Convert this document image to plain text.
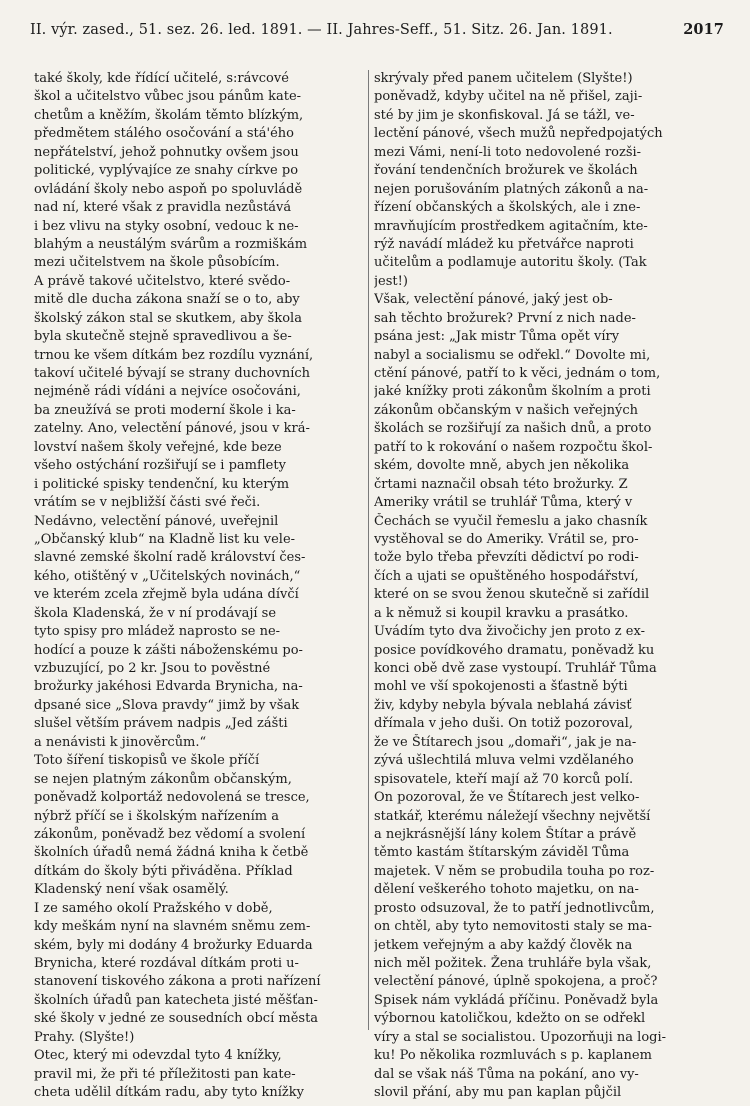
II. výr. zased., 51. sez. 26. led. 1891. — II. Jahres-Seff., 51. Sitz. 26. Jan. 1891.	2017
také školy, kde řídící učitelé, s:rávcové
škol a učitelstvo vůbec jsou pánům kate-
chetům a kněžím, školám těmto blízkým,
předmětem stálého osočování a stá'ého
nepřátelství, jehož pohnutky ovšem jsou
politické, vyplývajíce ze snahy církve po
ovládání školy nebo aspoň po spoluvládě
nad ní, které však z pravidla nezůstává
i bez vlivu na styky osobní, vedouc k ne-
blahým a neustálým svárům a rozmiškám
mezi učitelstvem na škole působícím.
A právě takové učitelstvo, které svědo-
mitě dle ducha zákona snaží se o to, aby
školský zákon stal se skutkem, aby škola
byla skutečně stejně spravedlivou a še-
trnou ke všem dítkám bez rozdílu vyznání,
takoví učitelé bývají se strany duchovních
nejméně rádi vídáni a nejvíce osočováni,
ba zneužívá se proti moderní škole i ka-
zatelny. Ano, velectění pánové, jsou v krá-
lovství našem školy veřejné, kde beze
všeho ostýchání rozšiřují se i pamflety
i politické spisky tendenční, ku kterým
vrátím se v nejbližší části své řeči.
Nedávno, velectění pánové, uveřejnil
„Občanský klub“ na Kladně list ku vele-
slavné zemské školní radě království čes-
kého, otištěný v „Učitelských novinách,“
ve kterém zcela zřejmě byla udána dívčí
škola Kladenská, že v ní prodávají se
tyto spisy pro mládež naprosto se ne-
hodící a pouze k zášti náboženskému po-
vzbuzující, po 2 kr. Jsou to pověstné
brožurky jakéhosi Edvarda Brynicha, na-
dpsané sice „Slova pravdy“ jimž by však
slušel větším právem nadpis „Jed zášti
a nenávisti k jinověrcům.“
Toto šíření tiskopisů ve škole příčí
se nejen platným zákonům občanským,
poněvadž kolportáž nedovolená se tresce,
nýbrž příčí se i školským nařízením a
zákonům, poněvadž bez vědomí a svolení
školních úřadů nemá žádná kniha k četbě
dítkám do školy býti přiváděna. Příklad
Kladenský není však osamělý.
I ze samého okolí Pražského v době,
kdy meškám nyní na slavném sněmu zem-
ském, byly mi dodány 4 brožurky Eduarda
Brynicha, které rozdával dítkám proti u-
stanovení tiskového zákona a proti nařízení
školních úřadů pan katecheta jisté měšťan-
ské školy v jedné ze sousedních obcí města
Prahy. (Slyšte!)
Otec, který mi odevzdal tyto 4 knížky,
pravil mi, že při té příležitosti pan kate-
cheta udělil dítkám radu, aby tyto knížky
skrývaly před panem učitelem (Slyšte!)
poněvadž, kdyby učitel na ně přišel, zaji-
sté by jim je skonfiskoval. Já se tážl, ve-
lectění pánové, všech mužů nepředpojatých
mezi Vámi, není-li toto nedovolené rozši-
řování tendenčních brožurek ve školách
nejen porušováním platných zákonů a na-
řízení občanských a školských, ale i zne-
mravňujícím prostředkem agitačním, kte-
rýž navádí mládež ku přetvářce naproti
učitelům a podlamuje autoritu školy. (Tak
jest!)
Však, velectění pánové, jaký jest ob-
sah těchto brožurek? První z nich nade-
psána jest: „Jak mistr Tůma opět víry
nabyl a socialismu se odřekl.“ Dovolte mi,
ctění pánové, patří to k věci, jednám o tom,
jaké knížky proti zákonům školním a proti
zákonům občanským v našich veřejných
školách se rozšiřují za našich dnů, a proto
patří to k rokování o našem rozpočtu škol-
ském, dovolte mně, abych jen několika
črtami naznačil obsah této brožurky. Z
Ameriky vrátil se truhlář Tůma, který v
Čechách se vyučil řemeslu a jako chasník
vystěhoval se do Ameriky. Vrátil se, pro-
tože bylo třeba převzíti dědictví po rodi-
čích a ujati se opuštěného hospodářství,
které on se svou ženou skutečně si zařídil
a k němuž si koupil kravku a prasátko.
Uvádím tyto dva živočichy jen proto z ex-
posice povídkového dramatu, poněvadž ku
konci obě dvě zase vystoupí. Truhlář Tůma
mohl ve vší spokojenosti a šťastně býti
živ, kdyby nebyla bývala neblahá závisť
dřímala v jeho duši. On totiž pozoroval,
že ve Štítarech jsou „domaři“, jak je na-
zývá ušlechtilá mluva velmi vzdělaného
spisovatele, kteří mají až 70 korců polí.
On pozoroval, že ve Štítarech jest velko-
statkář, kterému náležejí všechny největší
a nejkrásnější lány kolem Štítar a právě
těmto kastám štítarským záviděl Tůma
majetek. V něm se probudila touha po roz-
dělení veškerého tohoto majetku, on na-
prosto odsuzoval, že to patří jednotlivcům,
on chtěl, aby tyto nemovitosti staly se ma-
jetkem veřejným a aby každý člověk na
nich měl požitek. Žena truhláře byla však,
velectění pánové, úplně spokojena, a proč?
Spisek nám vykládá příčinu. Poněvadž byla
výbornou katoličkou, kdežto on se odřekl
víry a stal se socialistou. Upozorňuji na logi-
ku! Po několika rozmluvách s p. kaplanem
dal se však náš Tůma na pokání, ano vy-
slovil přání, aby mu pan kaplan půjčil
